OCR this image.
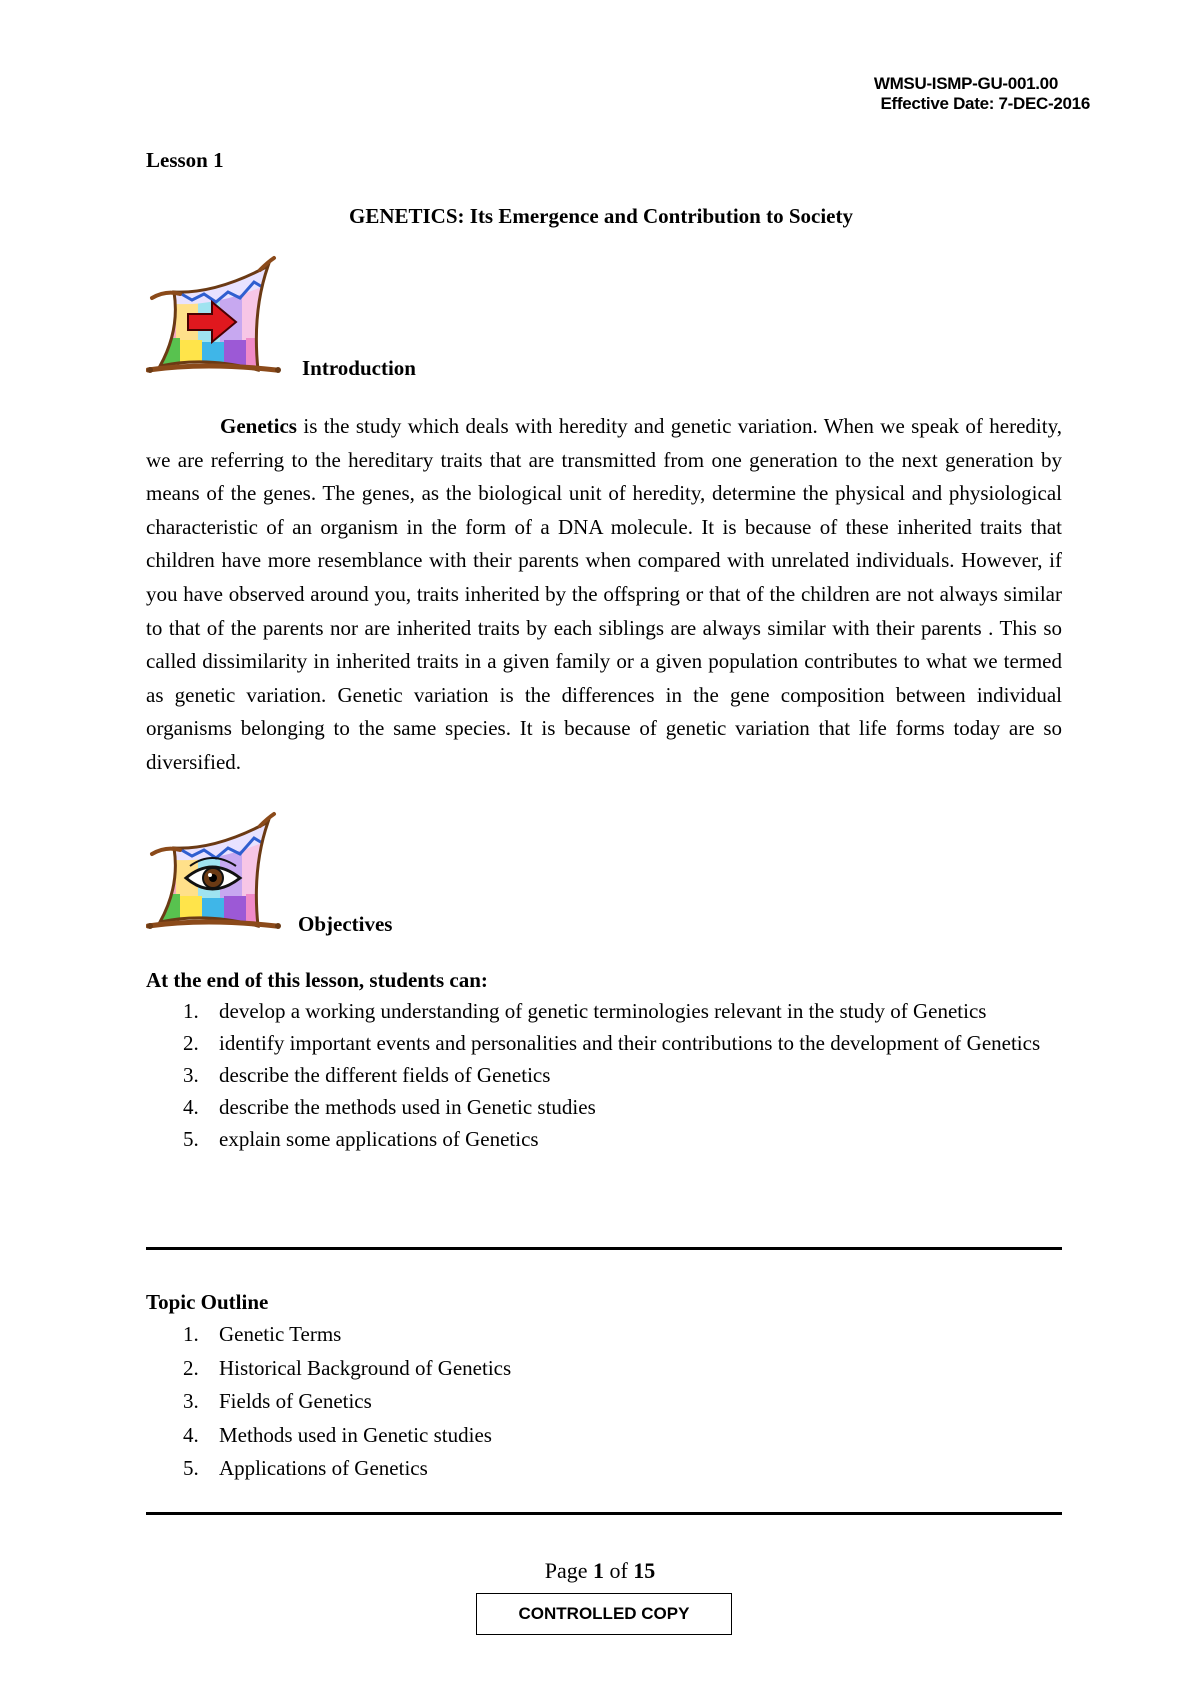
WMSU-ISMP-GU-001.00
Effective Date: 7-DEC-2016
Lesson 1
GENETICS: Its Emergence and Contribution to Society
Introduction

Genetics is the study which deals with heredity and genetic variation. When we speak of heredity, we are referring to the hereditary traits that are transmitted from one generation to the next generation by means of the genes. The genes, as the biological unit of heredity, determine the physical and physiological characteristic of an organism in the form of a DNA molecule. It is because of these inherited traits that children have more resemblance with their parents when compared with unrelated individuals. However, if you have observed around you, traits inherited by the offspring or that of the children are not always similar to that of the parents nor are inherited traits by each siblings are always similar with their parents . This so called dissimilarity in inherited traits in a given family or a given population contributes to what we termed as genetic variation. Genetic variation is the differences in the gene composition between individual organisms belonging to the same species. It is because of genetic variation that life forms today are so diversified.

Objectives
At the end of this lesson, students can:
1. develop a working understanding of genetic terminologies relevant in the study of Genetics
2. identify important events and personalities and their contributions to the development of Genetics
3. describe the different fields of Genetics
4. describe the methods used in Genetic studies
5. explain some applications of Genetics
Topic Outline
1. Genetic Terms
2. Historical Background of Genetics
3. Fields of Genetics
4. Methods used in Genetic studies
5. Applications of Genetics
Page 1 of 15
CONTROLLED COPY
